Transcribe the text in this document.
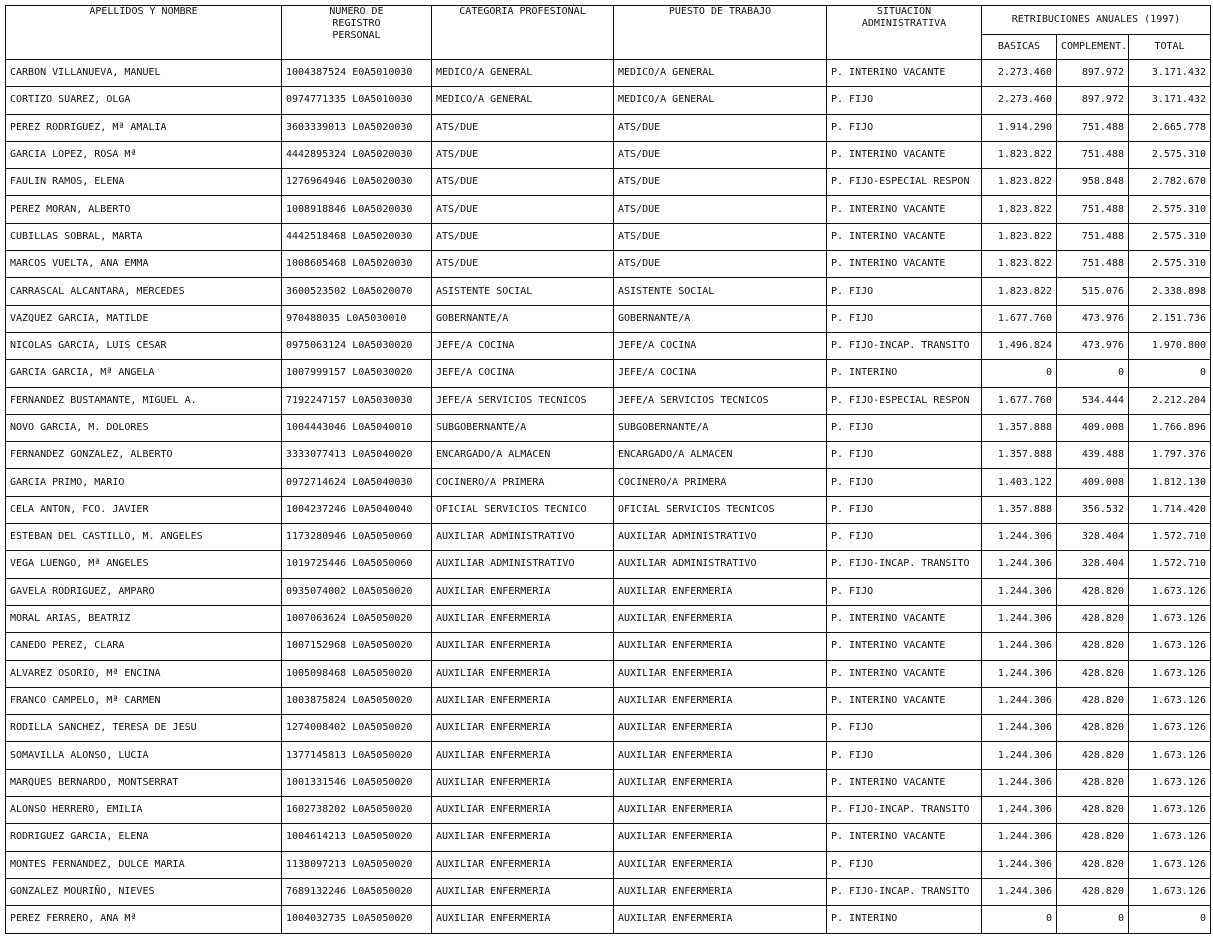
APELLIDOS Y NOMBRE	NUMERO DE REGISTRO PERSONAL	CATEGORIA PROFESIONAL	PUESTO DE TRABAJO	SITUACION ADMINISTRATIVA	RETRIBUCIONES ANUALES (1997)		
					BASICAS	COMPLEMENT.	TOTAL
CARBON VILLANUEVA, MANUEL	1004387524 E0A5010030	MEDICO/A GENERAL	MEDICO/A GENERAL	P. INTERINO VACANTE	2.273.460	897.972	3.171.432
CORTIZO SUAREZ, OLGA	0974771335 L0A5010030	MEDICO/A GENERAL	MEDICO/A GENERAL	P. FIJO	2.273.460	897.972	3.171.432
PEREZ RODRIGUEZ, Mª AMALIA	3603339013 L0A5020030	ATS/DUE	ATS/DUE	P. FIJO	1.914.290	751.488	2.665.778
GARCIA LOPEZ, ROSA Mª	4442895324 L0A5020030	ATS/DUE	ATS/DUE	P. INTERINO VACANTE	1.823.822	751.488	2.575.310
FAULIN RAMOS, ELENA	1276964946 L0A5020030	ATS/DUE	ATS/DUE	P. FIJO-ESPECIAL RESPON	1.823.822	958.848	2.782.670
PEREZ MORAN, ALBERTO	1008918846 L0A5020030	ATS/DUE	ATS/DUE	P. INTERINO VACANTE	1.823.822	751.488	2.575.310
CUBILLAS SOBRAL, MARTA	4442518468 L0A5020030	ATS/DUE	ATS/DUE	P. INTERINO VACANTE	1.823.822	751.488	2.575.310
MARCOS VUELTA, ANA EMMA	1008605468 L0A5020030	ATS/DUE	ATS/DUE	P. INTERINO VACANTE	1.823.822	751.488	2.575.310
CARRASCAL ALCANTARA, MERCEDES	3600523502 L0A5020070	ASISTENTE SOCIAL	ASISTENTE SOCIAL	P. FIJO	1.823.822	515.076	2.338.898
VAZQUEZ GARCIA, MATILDE	970488035 L0A5030010	GOBERNANTE/A	GOBERNANTE/A	P. FIJO	1.677.760	473.976	2.151.736
NICOLAS GARCIA, LUIS CESAR	0975063124 L0A5030020	JEFE/A COCINA	JEFE/A COCINA	P. FIJO-INCAP. TRANSITO	1.496.824	473.976	1.970.800
GARCIA GARCIA, Mª ANGELA	1007999157 L0A5030020	JEFE/A COCINA	JEFE/A COCINA	P. INTERINO	0	0	0
FERNANDEZ BUSTAMANTE, MIGUEL A.	7192247157 L0A5030030	JEFE/A SERVICIOS TECNICOS	JEFE/A SERVICIOS TECNICOS	P. FIJO-ESPECIAL RESPON	1.677.760	534.444	2.212.204
NOVO GARCIA, M. DOLORES	1004443046 L0A5040010	SUBGOBERNANTE/A	SUBGOBERNANTE/A	P. FIJO	1.357.888	409.008	1.766.896
FERNANDEZ GONZALEZ, ALBERTO	3333077413 L0A5040020	ENCARGADO/A ALMACEN	ENCARGADO/A ALMACEN	P. FIJO	1.357.888	439.488	1.797.376
GARCIA PRIMO, MARIO	0972714624 L0A5040030	COCINERO/A PRIMERA	COCINERO/A PRIMERA	P. FIJO	1.403.122	409.008	1.812.130
CELA ANTON, FCO. JAVIER	1004237246 L0A5040040	OFICIAL SERVICIOS TECNICO	OFICIAL SERVICIOS TECNICOS	P. FIJO	1.357.888	356.532	1.714.420
ESTEBAN DEL CASTILLO, M. ANGELES	1173280946 L0A5050060	AUXILIAR ADMINISTRATIVO	AUXILIAR ADMINISTRATIVO	P. FIJO	1.244.306	328.404	1.572.710
VEGA LUENGO, Mª ANGELES	1019725446 L0A5050060	AUXILIAR ADMINISTRATIVO	AUXILIAR ADMINISTRATIVO	P. FIJO-INCAP. TRANSITO	1.244.306	328.404	1.572.710
GAVELA RODRIGUEZ, AMPARO	0935074002 L0A5050020	AUXILIAR ENFERMERIA	AUXILIAR ENFERMERIA	P. FIJO	1.244.306	428.820	1.673.126
MORAL ARIAS, BEATRIZ	1007063624 L0A5050020	AUXILIAR ENFERMERIA	AUXILIAR ENFERMERIA	P. INTERINO VACANTE	1.244.306	428.820	1.673.126
CANEDO PEREZ, CLARA	1007152968 L0A5050020	AUXILIAR ENFERMERIA	AUXILIAR ENFERMERIA	P. INTERINO VACANTE	1.244.306	428.820	1.673.126
ALVAREZ OSORIO, Mª ENCINA	1005098468 L0A5050020	AUXILIAR ENFERMERIA	AUXILIAR ENFERMERIA	P. INTERINO VACANTE	1.244.306	428.820	1.673.126
FRANCO CAMPELO, Mª CARMEN	1003875824 L0A5050020	AUXILIAR ENFERMERIA	AUXILIAR ENFERMERIA	P. INTERINO VACANTE	1.244.306	428.820	1.673.126
RODILLA SANCHEZ, TERESA DE JESU	1274008402 L0A5050020	AUXILIAR ENFERMERIA	AUXILIAR ENFERMERIA	P. FIJO	1.244.306	428.820	1.673.126
SOMAVILLA ALONSO, LUCIA	1377145813 L0A5050020	AUXILIAR ENFERMERIA	AUXILIAR ENFERMERIA	P. FIJO	1.244.306	428.820	1.673.126
MARQUES BERNARDO, MONTSERRAT	1001331546 L0A5050020	AUXILIAR ENFERMERIA	AUXILIAR ENFERMERIA	P. INTERINO VACANTE	1.244.306	428.820	1.673.126
ALONSO HERRERO, EMILIA	1602738202 L0A5050020	AUXILIAR ENFERMERIA	AUXILIAR ENFERMERIA	P. FIJO-INCAP. TRANSITO	1.244.306	428.820	1.673.126
RODRIGUEZ GARCIA, ELENA	1004614213 L0A5050020	AUXILIAR ENFERMERIA	AUXILIAR ENFERMERIA	P. INTERINO VACANTE	1.244.306	428.820	1.673.126
MONTES FERNANDEZ, DULCE MARIA	1138097213 L0A5050020	AUXILIAR ENFERMERIA	AUXILIAR ENFERMERIA	P. FIJO	1.244.306	428.820	1.673.126
GONZALEZ MOURIÑO, NIEVES	7689132246 L0A5050020	AUXILIAR ENFERMERIA	AUXILIAR ENFERMERIA	P. FIJO-INCAP. TRANSITO	1.244.306	428.820	1.673.126
PEREZ FERRERO, ANA Mª	1004032735 L0A5050020	AUXILIAR ENFERMERIA	AUXILIAR ENFERMERIA	P. INTERINO	0	0	0
